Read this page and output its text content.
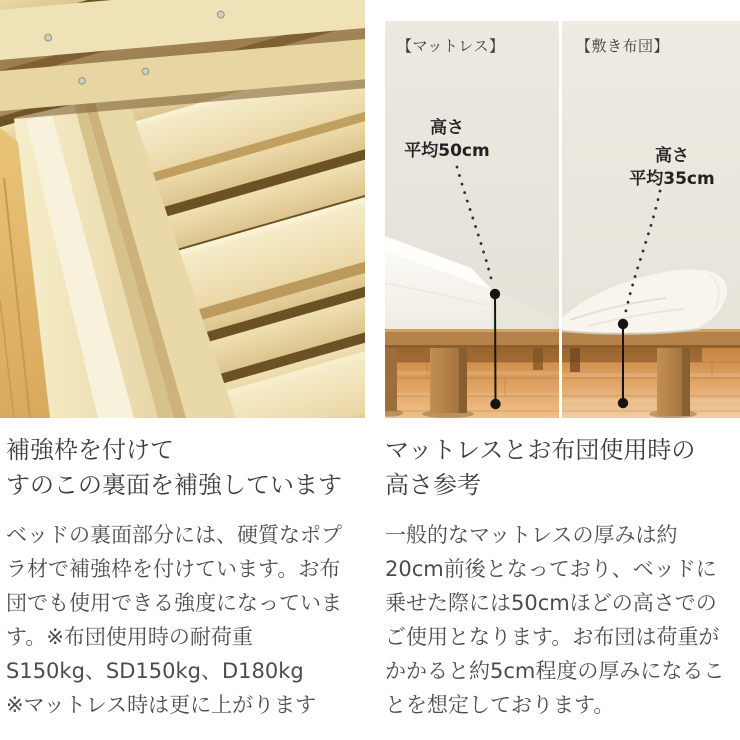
【マットレス】
高さ
平均50cm
【敷き布団】
高さ
平均35cm
補強枠を付けて
すのこの裏面を補強しています

ベッドの裏面部分には、硬質なポプラ材で補強枠を付けています。お布団でも使用できる強度になっています。※布団使用時の耐荷重 S150kg、SD150kg、D180kg

※マットレス時は更に上がります

マットレスとお布団使用時の
高さ参考

一般的なマットレスの厚みは約20cm前後となっており、ベッドに乗せた際には50cmほどの高さでのご使用となります。お布団は荷重がかかると約5cm程度の厚みになることを想定しております。
